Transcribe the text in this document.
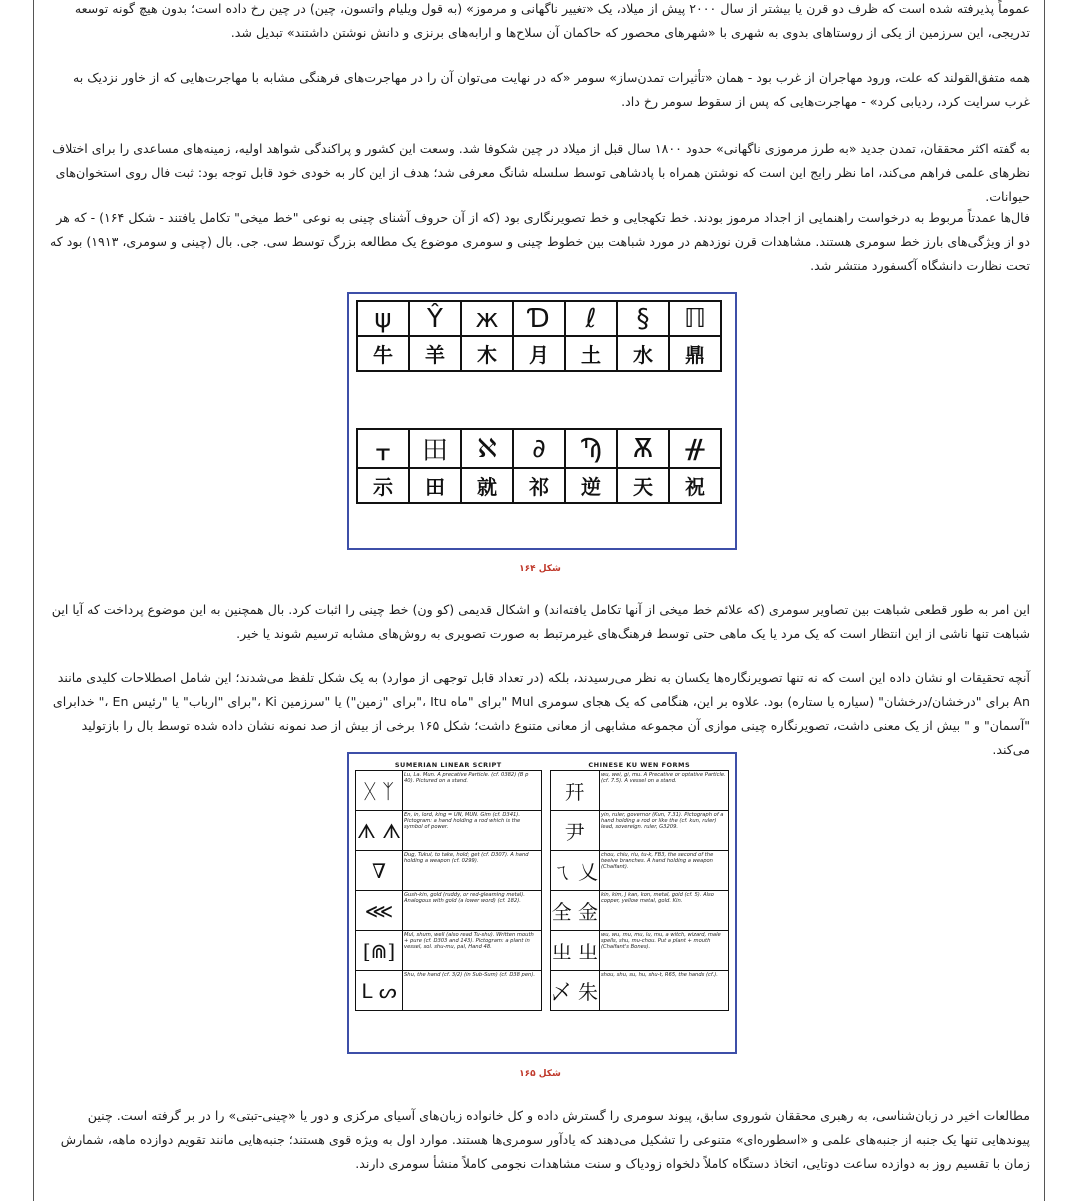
عموماً پذیرفته شده است که ظرف دو قرن یا بیشتر از سال ۲۰۰۰ پیش از میلاد، یک «تغییر ناگهانی و مرموز» (به قول ویلیام واتسون، چین) در چین رخ داده است؛ بدون هیچ گونه توسعه تدریجی، این سرزمین از یکی از روستاهای بدوی به شهری با «شهرهای محصور که حاکمان آن سلاح‌ها و ارابه‌های برنزی و دانش نوشتن داشتند» تبدیل شد.

همه متفق‌القولند که علت، ورود مهاجران از غرب بود - همان «تأثیرات تمدن‌ساز» سومر «که در نهایت می‌توان آن را در مهاجرت‌های فرهنگی مشابه با مهاجرت‌هایی که از خاور نزدیک به غرب سرایت کرد، ردیابی کرد» - مهاجرت‌هایی که پس از سقوط سومر رخ داد.

به گفته اکثر محققان، تمدن جدید «به طرز مرموزی ناگهانی» حدود ۱۸۰۰ سال قبل از میلاد در چین شکوفا شد. وسعت این کشور و پراکندگی شواهد اولیه، زمینه‌های مساعدی را برای اختلاف نظرهای علمی فراهم می‌کند، اما نظر رایج این است که نوشتن همراه با پادشاهی توسط سلسله شانگ معرفی شد؛ هدف از این کار به خودی خود قابل توجه بود: ثبت فال روی استخوان‌های حیوانات.

فال‌ها عمدتاً مربوط به درخواست راهنمایی از اجداد مرموز بودند. خط تکهجایی و خط تصویرنگاری بود (که از آن حروف آشنای چینی به نوعی "خط میخی" تکامل یافتند - شکل ۱۶۴) - که هر دو از ویژگی‌های بارز خط سومری هستند. مشاهدات قرن نوزدهم در مورد شباهت بین خطوط چینی و سومری موضوع یک مطالعه بزرگ توسط سی. جی. بال (چینی و سومری، ۱۹۱۳) بود که تحت نظارت دانشگاه آکسفورد منتشر شد.

ψ	Ŷ	ж	Ɗ	ℓ	§	ℿ
牛	羊	木	月	土	水	鼎
ᚁ	田	ℵ	∂	Ϡ	Ѫ	ᚌ
示	田	就	祁	逆	天	祝
شکل ۱۶۴

این امر به طور قطعی شباهت بین تصاویر سومری (که علائم خط میخی از آنها تکامل یافته‌اند) و اشکال قدیمی (کو ون) خط چینی را اثبات کرد. بال همچنین به این موضوع پرداخت که آیا این شباهت تنها ناشی از این انتظار است که یک مرد یا یک ماهی حتی توسط فرهنگ‌های غیرمرتبط به صورت تصویری به روش‌های مشابه ترسیم شوند یا خیر.

آنچه تحقیقات او نشان داده این است که نه تنها تصویرنگاره‌ها یکسان به نظر می‌رسیدند، بلکه (در تعداد قابل توجهی از موارد) به یک شکل تلفظ می‌شدند؛ این شامل اصطلاحات کلیدی مانند An برای "درخشان/درخشان" (سیاره یا ستاره) بود. علاوه بر این، هنگامی که یک هجای سومری Mul "برای "ماه Itu ،"برای "زمین") یا "سرزمین Ki ،"برای "ارباب" یا "رئیس En ،" خدابرای "آسمان" و " بیش از یک معنی داشت، تصویرنگاره چینی موازی آن مجموعه مشابهی از معانی متنوع داشت؛ شکل ۱۶۵ برخی از بیش از صد نمونه نشان داده شده توسط بال را بازتولید می‌کند.

SUMERIAN LINEAR SCRIPT			CHINESE KU WEN FORMS	
ᚷ ᛉ	Lu, La. Mun. A precative Particle. (cf. 0382) (B p 40). Pictured on a stand.		幵	wu, wei, gi, mu. A Precative or optative Particle. (cf. 7.5). A vessel on a stand.
ᗑ ᗑ	En, in, lord, king = UN, MUN. Gim (cf. D341). Pictogram: a hand holding a rod which is the symbol of power.		尹	yin, ruler, governor (Kun, 7.31). Pictograph of a hand holding a rod or like the (cf. kun, ruler) lead, sovereign. ruler, G3209.
∇	Dug, Tukul, to take, hold; get (cf. D307). A hand holding a weapon (cf. 0299).		ㄟ 乂	chou, chiu, riu, tu-k, FB3, the second of the twelve branches. A hand holding a weapon (Chalfant).
⋘	Gush-kin, gold (ruddy, or red-gleaming metal). Analogous with gold (a lower word) (cf. 182).		全 金	kin, kim, J kan, kon, metal, gold (cf. 5). Also copper, yellow metal, gold. Kin.
[⋒]	Mul, shum, well (also read Tu-shu). Written mouth + pure (cf. D303 and 143). Pictogram: a plant in vessel, sol. shu-mu, pal, Hand 48.		㞢 㞢	wu, wu, mu, mu, lu, mu, a witch, wizard, male spells, shu, mu-chou. Put a plant + mouth (Chalfant's Bones).
ᒪ ᔕ	Shu, the hand (cf. 3/2) (in Sub-Sum) (cf. D38 pen).		乄 朱	shou, shu, su, hu, shu-t, R65, the hands (cf.).
شکل ۱۶۵

مطالعات اخیر در زبان‌شناسی، به رهبری محققان شوروی سابق، پیوند سومری را گسترش داده و کل خانواده زبان‌های آسیای مرکزی و دور یا «چینی-تبتی» را در بر گرفته است. چنین پیوندهایی تنها یک جنبه از جنبه‌های علمی و «اسطوره‌ای» متنوعی را تشکیل می‌دهند که یادآور سومری‌ها هستند. موارد اول به ویژه قوی هستند؛ جنبه‌هایی مانند تقویم دوازده ماهه، شمارش زمان با تقسیم روز به دوازده ساعت دوتایی، اتخاذ دستگاه کاملاً دلخواه زودیاک و سنت مشاهدات نجومی کاملاً منشأ سومری دارند.
